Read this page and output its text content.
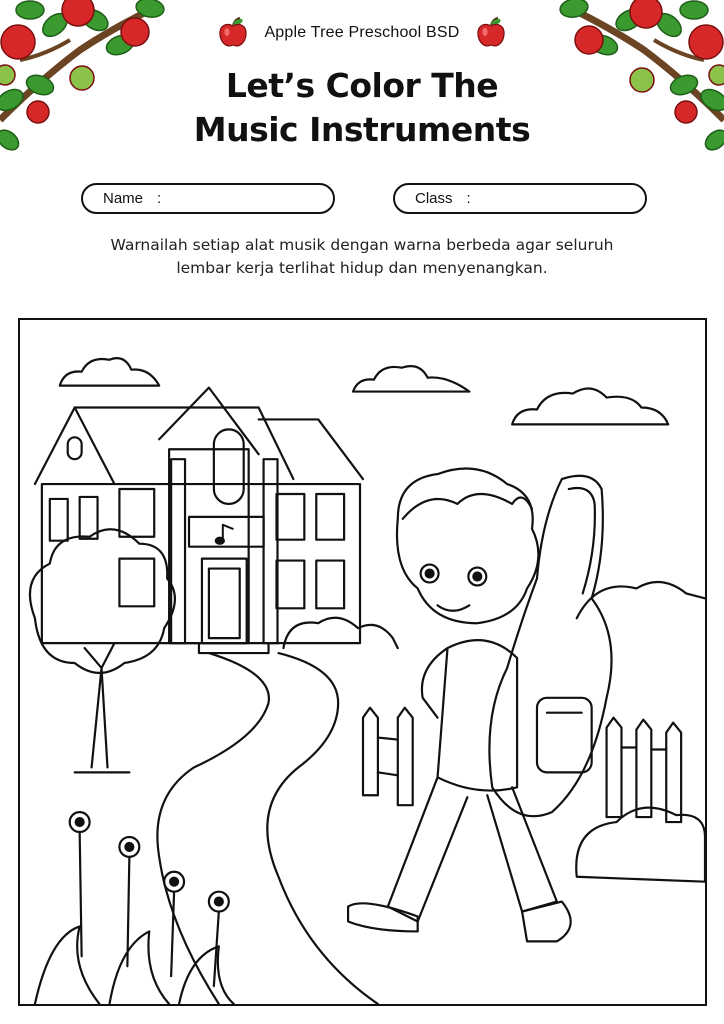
Apple Tree Preschool BSD
Let’s Color The
Music Instruments
Name :	Class :
Warnailah setiap alat musik dengan warna berbeda agar seluruh
lembar kerja terlihat hidup dan menyenangkan.
